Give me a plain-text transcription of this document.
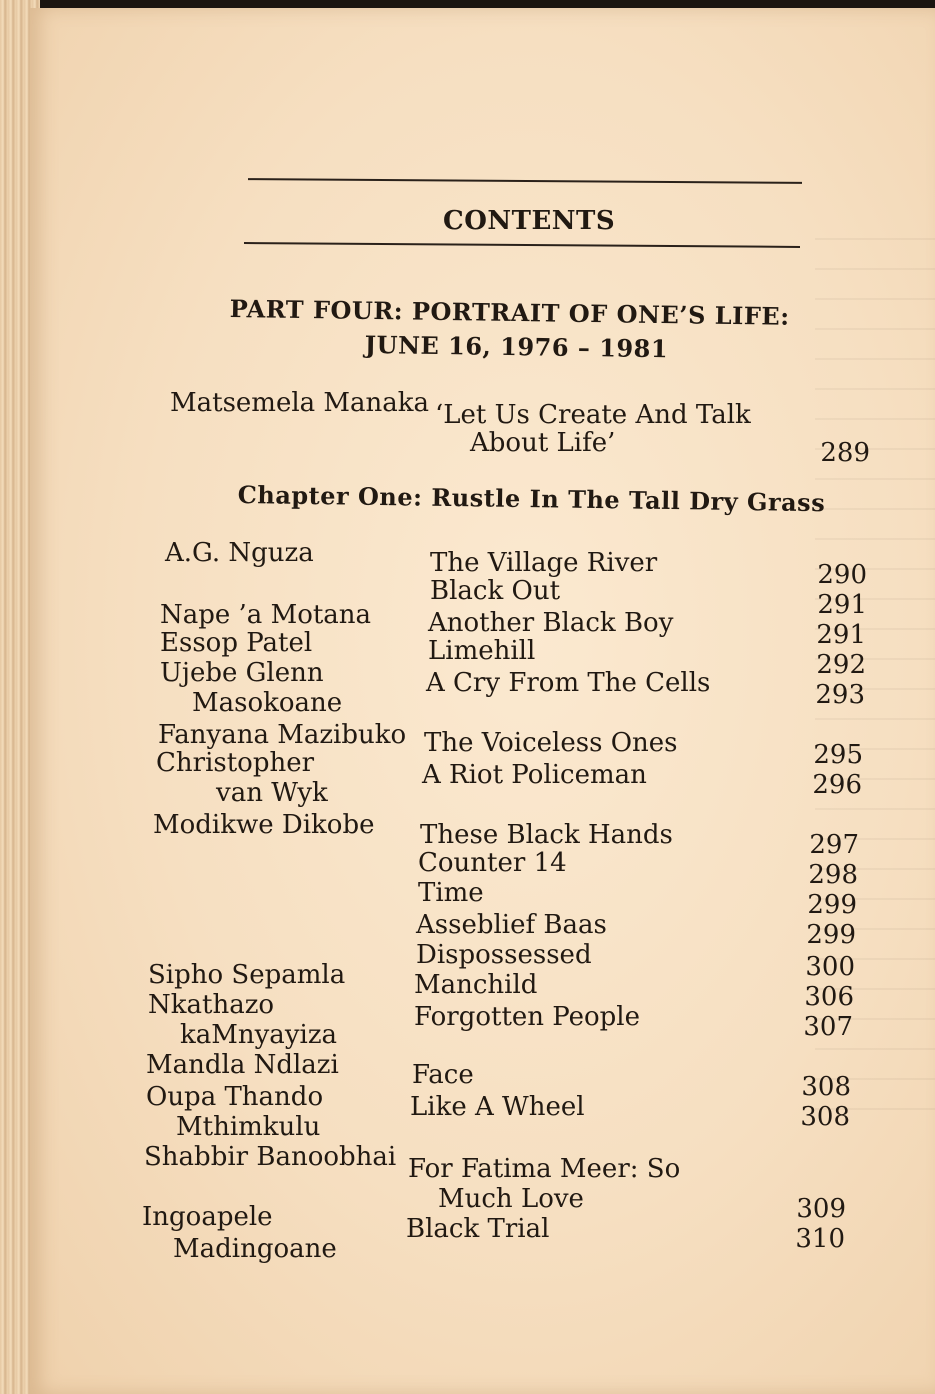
CONTENTS
PART FOUR: PORTRAIT OF ONE’S LIFE:
JUNE 16, 1976 – 1981
Matsemela Manaka ‘Let Us Create And Talk
About Life’	289
Chapter One: Rustle In The Tall Dry Grass
A.G. Nguza
Nape ’a Motana
Essop Patel
Ujebe Glenn
Masokoane
Fanyana Mazibuko
Christopher
van Wyk
Modikwe Dikobe
Sipho Sepamla
Nkathazo
kaMnyayiza
Mandla Ndlazi
Oupa Thando
Mthimkulu
Shabbir Banoobhai
Ingoapele
Madingoane
The Village River
Black Out
Another Black Boy
Limehill
A Cry From The Cells
The Voiceless Ones
A Riot Policeman
These Black Hands
Counter 14
Time
Asseblief Baas
Dispossessed
Manchild
Forgotten People
Face
Like A Wheel
For Fatima Meer: So
Much Love
Black Trial
290
291
291
292
293
295
296
297
298
299
299
300
306
307
308
308
309
310
